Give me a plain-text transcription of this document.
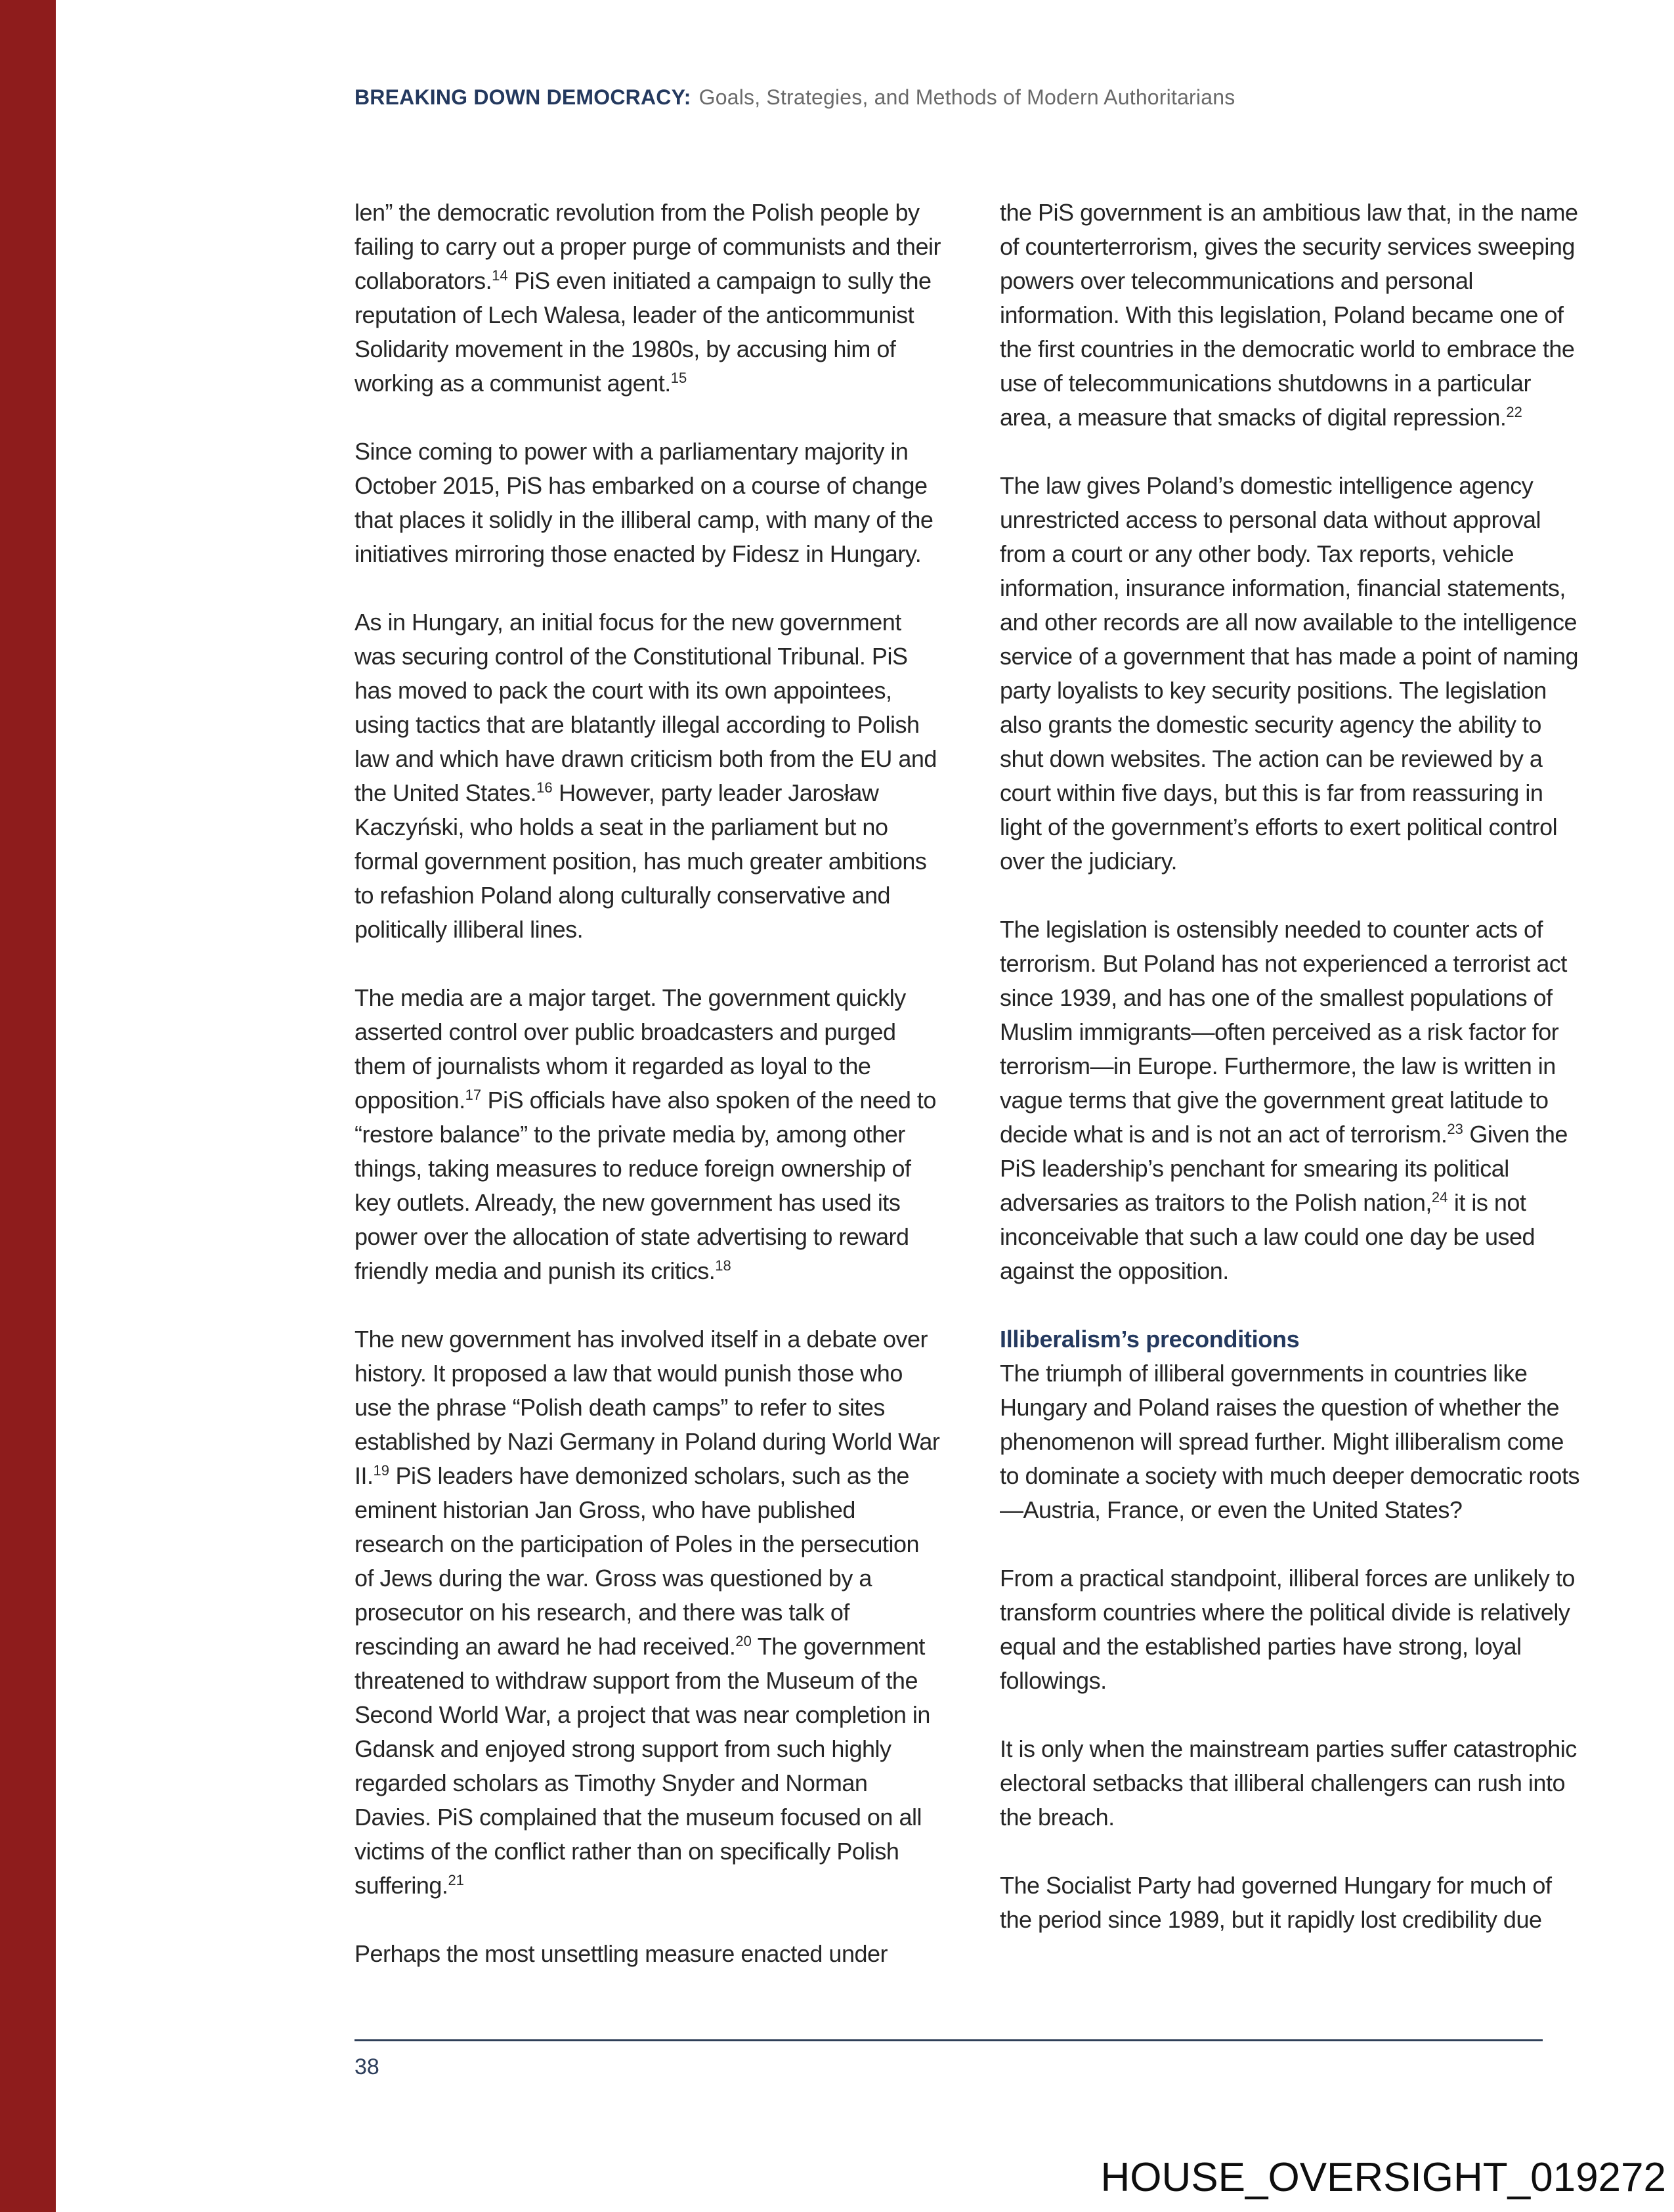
BREAKING DOWN DEMOCRACY: Goals, Strategies, and Methods of Modern Authoritarians

len” the democratic revolution from the Polish people by failing to carry out a proper purge of communists and their collaborators.$^{14}$ PiS even initiated a campaign to sully the reputation of Lech Walesa, leader of the anticommunist Solidarity movement in the 1980s, by accusing him of working as a communist agent.$^{15}$

Since coming to power with a parliamentary majority in October 2015, PiS has embarked on a course of change that places it solidly in the illiberal camp, with many of the initiatives mirroring those enacted by Fidesz in Hungary.

As in Hungary, an initial focus for the new government was securing control of the Constitutional Tribunal. PiS has moved to pack the court with its own appointees, using tactics that are blatantly illegal according to Polish law and which have drawn criticism both from the EU and the United States.$^{16}$ However, party leader Jarosław Kaczyński, who holds a seat in the parliament but no formal government position, has much greater ambitions to refashion Poland along culturally conservative and politically illiberal lines.

The media are a major target. The government quickly asserted control over public broadcasters and purged them of journalists whom it regarded as loyal to the opposition.$^{17}$ PiS officials have also spoken of the need to “restore balance” to the private media by, among other things, taking measures to reduce foreign ownership of key outlets. Already, the new government has used its power over the allocation of state advertising to reward friendly media and punish its critics.$^{18}$

The new government has involved itself in a debate over history. It proposed a law that would punish those who use the phrase “Polish death camps” to refer to sites established by Nazi Germany in Poland during World War II.$^{19}$ PiS leaders have demonized scholars, such as the eminent historian Jan Gross, who have published research on the participation of Poles in the persecution of Jews during the war. Gross was questioned by a prosecutor on his research, and there was talk of rescinding an award he had received.$^{20}$ The government threatened to withdraw support from the Museum of the Second World War, a project that was near completion in Gdansk and enjoyed strong support from such highly regarded scholars as Timothy Snyder and Norman Davies. PiS complained that the museum focused on all victims of the conflict rather than on specifically Polish suffering.$^{21}$

Perhaps the most unsettling measure enacted under

the PiS government is an ambitious law that, in the name of counterterrorism, gives the security services sweeping powers over telecommunications and personal information. With this legislation, Poland became one of the first countries in the democratic world to embrace the use of telecommunications shutdowns in a particular area, a measure that smacks of digital repression.$^{22}$

The law gives Poland’s domestic intelligence agency unrestricted access to personal data without approval from a court or any other body. Tax reports, vehicle information, insurance information, financial statements, and other records are all now available to the intelligence service of a government that has made a point of naming party loyalists to key security positions. The legislation also grants the domestic security agency the ability to shut down websites. The action can be reviewed by a court within five days, but this is far from reassuring in light of the government’s efforts to exert political control over the judiciary.

The legislation is ostensibly needed to counter acts of terrorism. But Poland has not experienced a terrorist act since 1939, and has one of the smallest populations of Muslim immigrants—often perceived as a risk factor for terrorism—in Europe. Furthermore, the law is written in vague terms that give the government great latitude to decide what is and is not an act of terrorism.$^{23}$ Given the PiS leadership’s penchant for smearing its political adversaries as traitors to the Polish nation,$^{24}$ it is not inconceivable that such a law could one day be used against the opposition.

Illiberalism’s preconditions

The triumph of illiberal governments in countries like Hungary and Poland raises the question of whether the phenomenon will spread further. Might illiberalism come to dominate a society with much deeper democratic roots—Austria, France, or even the United States?

From a practical standpoint, illiberal forces are unlikely to transform countries where the political divide is relatively equal and the established parties have strong, loyal followings.

It is only when the mainstream parties suffer catastrophic electoral setbacks that illiberal challengers can rush into the breach.

The Socialist Party had governed Hungary for much of the period since 1989, but it rapidly lost credibility due

38
HOUSE_OVERSIGHT_019272
